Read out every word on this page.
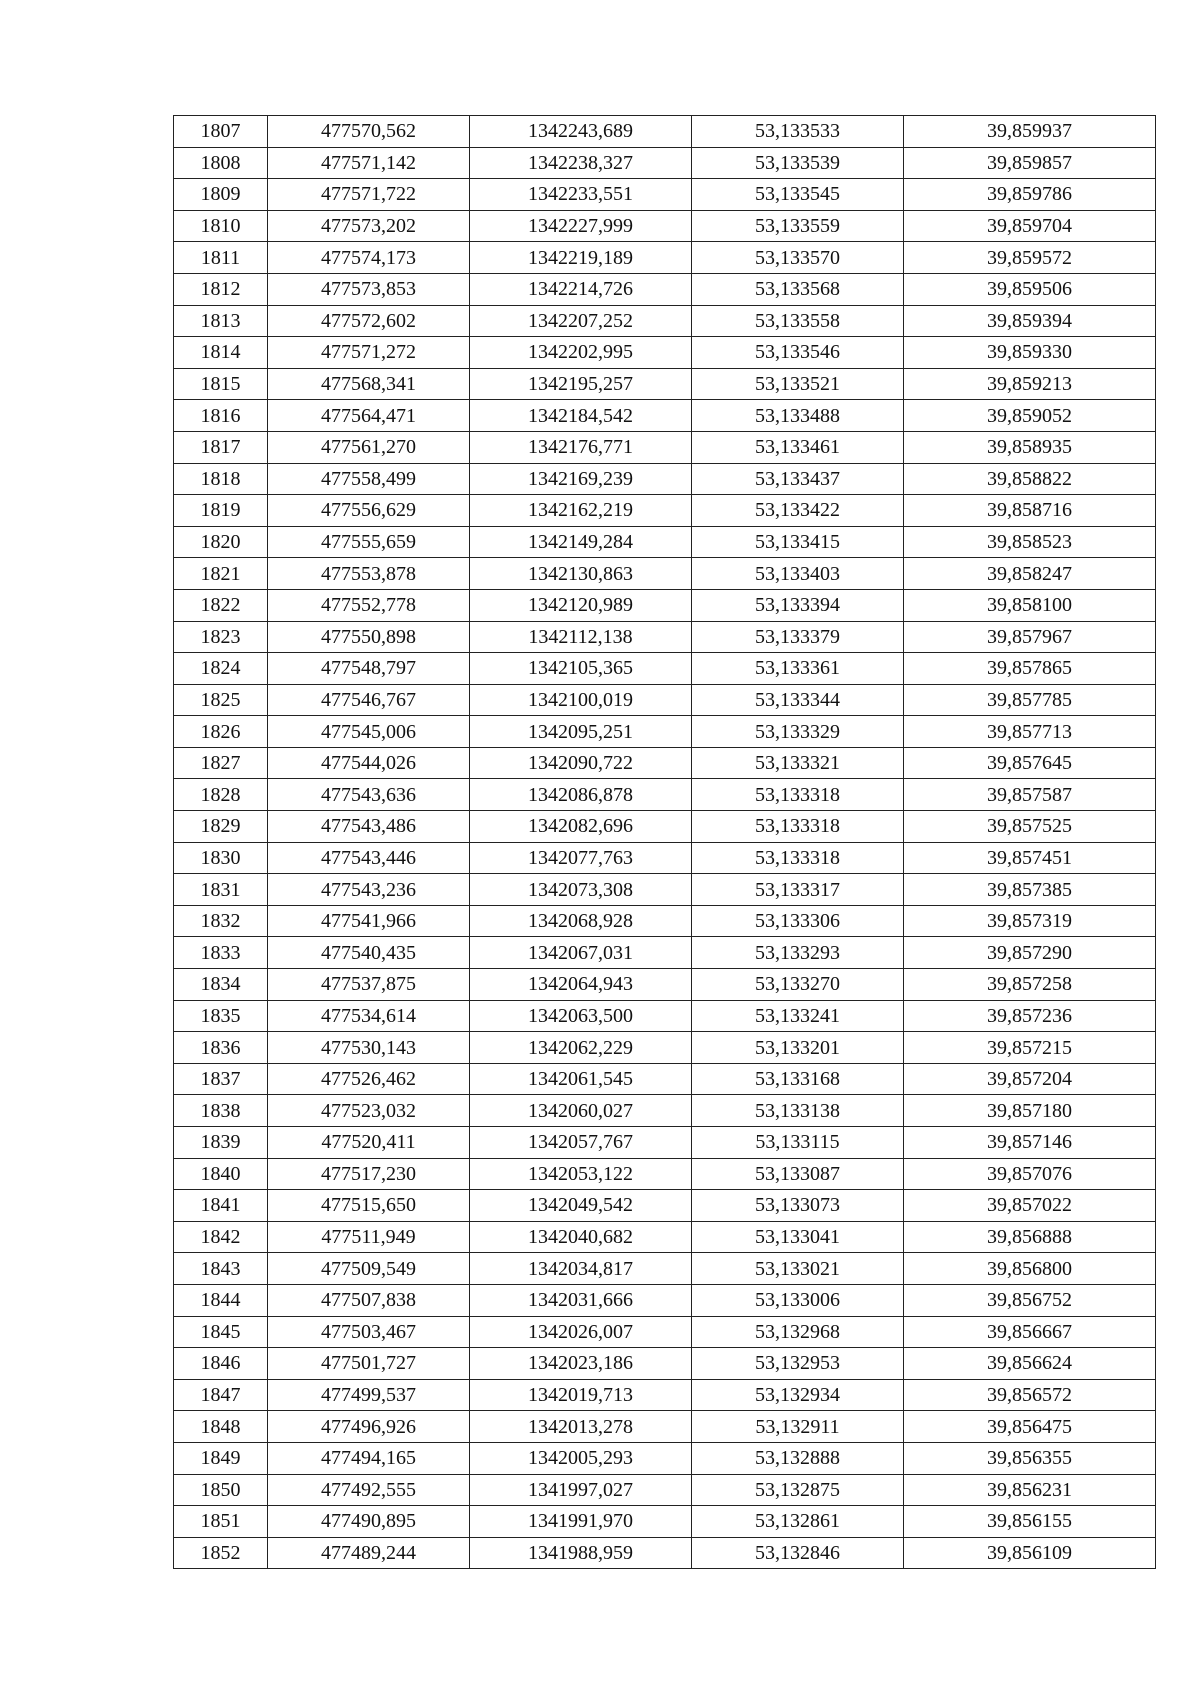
1807	477570,562	1342243,689	53,133533	39,859937
1808	477571,142	1342238,327	53,133539	39,859857
1809	477571,722	1342233,551	53,133545	39,859786
1810	477573,202	1342227,999	53,133559	39,859704
1811	477574,173	1342219,189	53,133570	39,859572
1812	477573,853	1342214,726	53,133568	39,859506
1813	477572,602	1342207,252	53,133558	39,859394
1814	477571,272	1342202,995	53,133546	39,859330
1815	477568,341	1342195,257	53,133521	39,859213
1816	477564,471	1342184,542	53,133488	39,859052
1817	477561,270	1342176,771	53,133461	39,858935
1818	477558,499	1342169,239	53,133437	39,858822
1819	477556,629	1342162,219	53,133422	39,858716
1820	477555,659	1342149,284	53,133415	39,858523
1821	477553,878	1342130,863	53,133403	39,858247
1822	477552,778	1342120,989	53,133394	39,858100
1823	477550,898	1342112,138	53,133379	39,857967
1824	477548,797	1342105,365	53,133361	39,857865
1825	477546,767	1342100,019	53,133344	39,857785
1826	477545,006	1342095,251	53,133329	39,857713
1827	477544,026	1342090,722	53,133321	39,857645
1828	477543,636	1342086,878	53,133318	39,857587
1829	477543,486	1342082,696	53,133318	39,857525
1830	477543,446	1342077,763	53,133318	39,857451
1831	477543,236	1342073,308	53,133317	39,857385
1832	477541,966	1342068,928	53,133306	39,857319
1833	477540,435	1342067,031	53,133293	39,857290
1834	477537,875	1342064,943	53,133270	39,857258
1835	477534,614	1342063,500	53,133241	39,857236
1836	477530,143	1342062,229	53,133201	39,857215
1837	477526,462	1342061,545	53,133168	39,857204
1838	477523,032	1342060,027	53,133138	39,857180
1839	477520,411	1342057,767	53,133115	39,857146
1840	477517,230	1342053,122	53,133087	39,857076
1841	477515,650	1342049,542	53,133073	39,857022
1842	477511,949	1342040,682	53,133041	39,856888
1843	477509,549	1342034,817	53,133021	39,856800
1844	477507,838	1342031,666	53,133006	39,856752
1845	477503,467	1342026,007	53,132968	39,856667
1846	477501,727	1342023,186	53,132953	39,856624
1847	477499,537	1342019,713	53,132934	39,856572
1848	477496,926	1342013,278	53,132911	39,856475
1849	477494,165	1342005,293	53,132888	39,856355
1850	477492,555	1341997,027	53,132875	39,856231
1851	477490,895	1341991,970	53,132861	39,856155
1852	477489,244	1341988,959	53,132846	39,856109
